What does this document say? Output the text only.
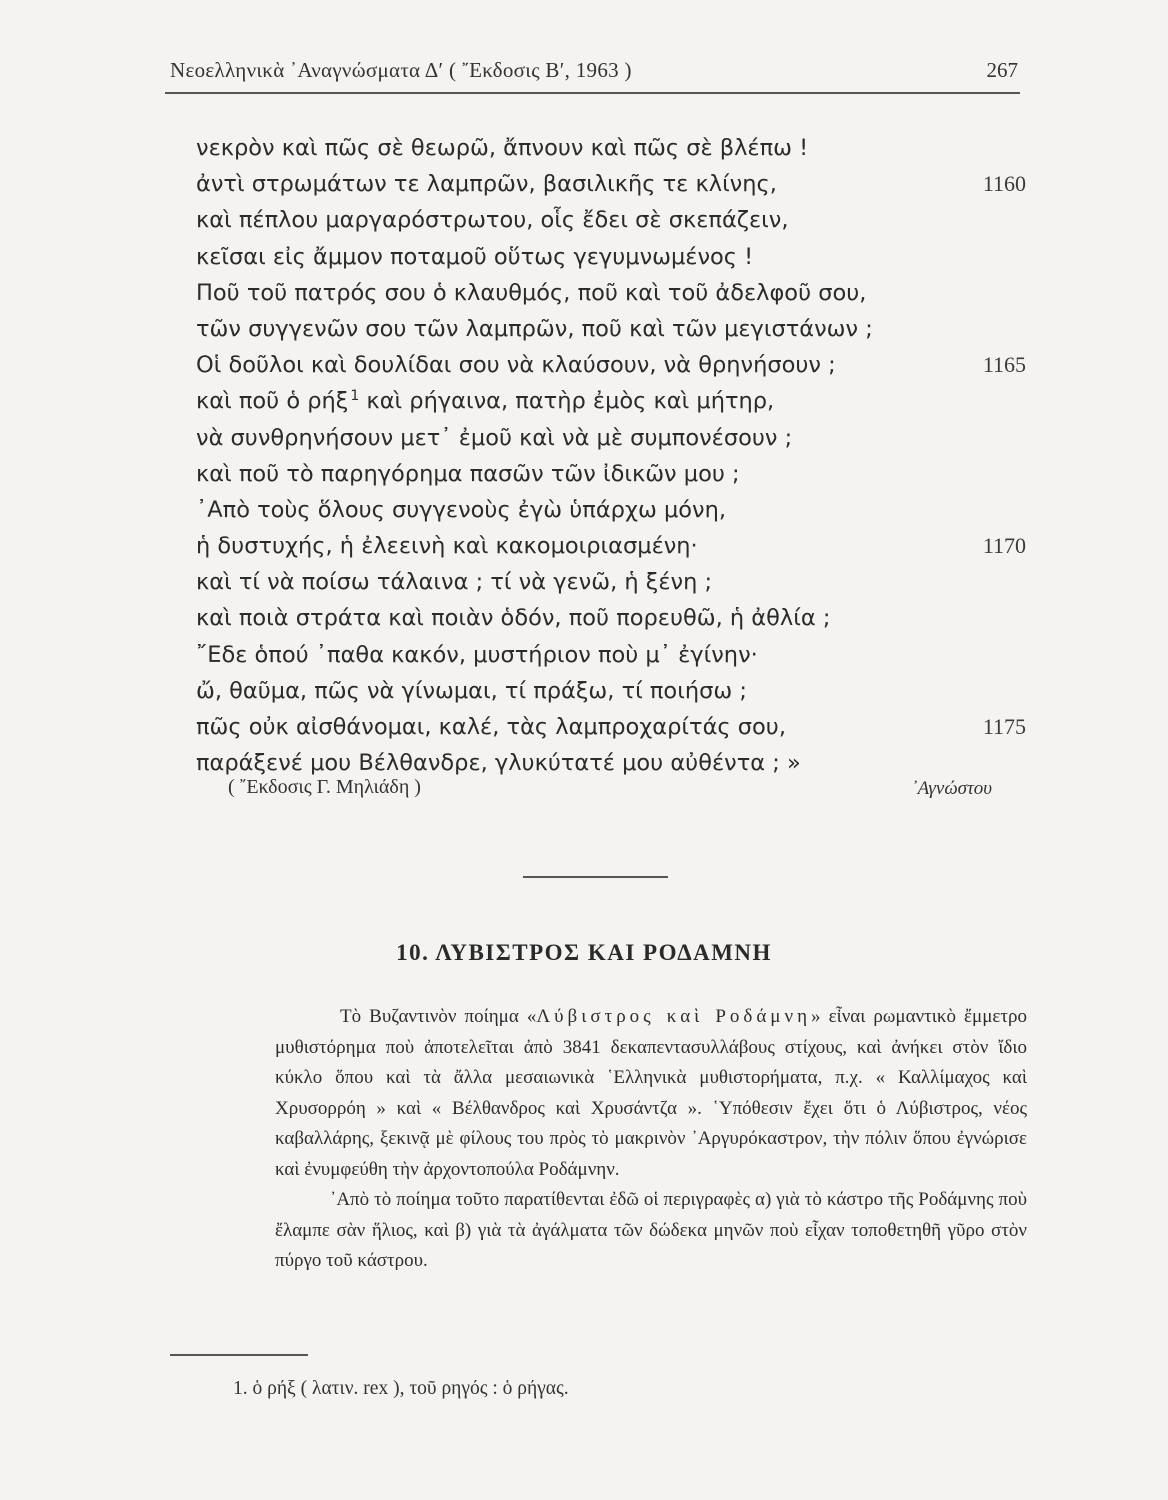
Νεοελληνικὰ ᾿Αναγνώσματα Δ′ ( ῎Εκδοσις Β′, 1963 )	267
νεκρὸν καὶ πῶς σὲ θεωρῶ, ἄπνουν καὶ πῶς σὲ βλέπω !
ἀντὶ στρωμάτων τε λαμπρῶν, βασιλικῆς τε κλίνης,	1160
καὶ πέπλου μαργαρόστρωτου, οἷς ἔδει σὲ σκεπάζειν,
κεῖσαι εἰς ἄμμον ποταμοῦ οὕτως γεγυμνωμένος !
Ποῦ τοῦ πατρός σου ὁ κλαυθμός, ποῦ καὶ τοῦ ἀδελφοῦ σου,
τῶν συγγενῶν σου τῶν λαμπρῶν, ποῦ καὶ τῶν μεγιστάνων ;
Οἱ δοῦλοι καὶ δουλίδαι σου νὰ κλαύσουν, νὰ θρηνήσουν ;	1165
καὶ ποῦ ὁ ρήξ $^1$ καὶ ρήγαινα, πατὴρ ἐμὸς καὶ μήτηρ,
νὰ συνθρηνήσουν μετ᾿ ἐμοῦ καὶ νὰ μὲ συμπονέσουν ;
καὶ ποῦ τὸ παρηγόρημα πασῶν τῶν ἰδικῶν μου ;
᾿Απὸ τοὺς ὅλους συγγενοὺς ἐγὼ ὑπάρχω μόνη,
ἡ δυστυχής, ἡ ἐλεεινὴ καὶ κακομοιριασμένη·	1170
καὶ τί νὰ ποίσω τάλαινα ; τί νὰ γενῶ, ἡ ξένη ;
καὶ ποιὰ στράτα καὶ ποιὰν ὁδόν, ποῦ πορευθῶ, ἡ ἀθλία ;
῎Εδε ὁπού ᾿παθα κακόν, μυστήριον ποὺ μ᾿ ἐγίνην·
ὤ, θαῦμα, πῶς νὰ γίνωμαι, τί πράξω, τί ποιήσω ;
πῶς οὐκ αἰσθάνομαι, καλέ, τὰς λαμπροχαρίτάς σου,	1175
παράξενέ μου Βέλθανδρε, γλυκύτατέ μου αὐθέντα ; »
( ῎Εκδοσις Γ. Μηλιάδη )	᾿Αγνώστου
10. ΛΥΒΙΣΤΡΟΣ ΚΑΙ ΡΟΔΑΜΝΗ

Τὸ Βυζαντινὸν ποίημα «Λύβιστρος καὶ Ροδάμνη» εἶναι ρωμαντικὸ ἔμμετρο μυθιστόρημα ποὺ ἀποτελεῖται ἀπὸ 3841 δεκαπεντασυλλάβους στίχους, καὶ ἀνήκει στὸν ἴδιο κύκλο ὅπου καὶ τὰ ἄλλα μεσαιωνικὰ ῾Ελληνικὰ μυθιστορήματα, π.χ. « Καλλίμαχος καὶ Χρυσορρόη » καὶ « Βέλθανδρος καὶ Χρυσάντζα ». ῾Υπόθεσιν ἔχει ὅτι ὁ Λύβιστρος, νέος καβαλλάρης, ξεκινᾷ μὲ φίλους του πρὸς τὸ μακρινὸν ᾿Αργυρόκαστρον, τὴν πόλιν ὅπου ἐγνώρισε καὶ ἐνυμφεύθη τὴν ἀρχοντοπούλα Ροδάμνην.

᾿Απὸ τὸ ποίημα τοῦτο παρατίθενται ἐδῶ οἱ περιγραφὲς α) γιὰ τὸ κάστρο τῆς Ροδάμνης ποὺ ἔλαμπε σὰν ἥλιος, καὶ β) γιὰ τὰ ἀγάλματα τῶν δώδεκα μηνῶν ποὺ εἶχαν τοποθετηθῆ γῦρο στὸν πύργο τοῦ κάστρου.

1. ὁ ρήξ ( λατιν. rex ), τοῦ ρηγός : ὁ ρήγας.
